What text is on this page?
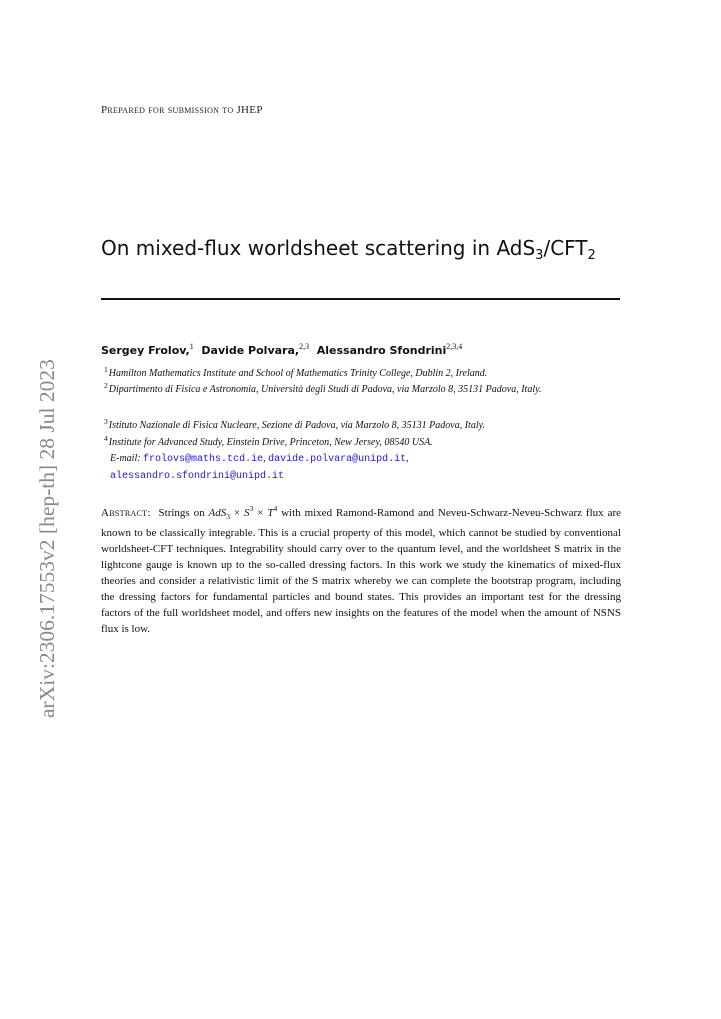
Prepared for submission to JHEP
arXiv:2306.17553v2 [hep-th] 28 Jul 2023
On mixed-flux worldsheet scattering in $AdS_3/CFT_2$
Sergey Frolov,$^1$ Davide Polvara,$^{2,3}$ Alessandro Sfondrini$^{2,3,4}$
$^1$Hamilton Mathematics Institute and School of Mathematics Trinity College, Dublin 2, Ireland.
$^2$Dipartimento di Fisica e Astronomia, Università degli Studi di Padova, via Marzolo 8, 35131 Padova, Italy.
$^3$Istituto Nazionale di Fisica Nucleare, Sezione di Padova, via Marzolo 8, 35131 Padova, Italy.
$^4$Institute for Advanced Study, Einstein Drive, Princeton, New Jersey, 08540 USA.
E-mail: frolovs@maths.tcd.ie, davide.polvara@unipd.it,
alessandro.sfondrini@unipd.it
Abstract: Strings on $AdS_3 \times S^3 \times T^4$ with mixed Ramond-Ramond and Neveu-Schwarz-Neveu-Schwarz flux are known to be classically integrable. This is a crucial property of this model, which cannot be studied by conventional worldsheet-CFT techniques. Integrability should carry over to the quantum level, and the worldsheet S matrix in the lightcone gauge is known up to the so-called dressing factors. In this work we study the kinematics of mixed-flux theories and consider a relativistic limit of the S matrix whereby we can complete the bootstrap program, including the dressing factors for fundamental particles and bound states. This provides an important test for the dressing factors of the full worldsheet model, and offers new insights on the features of the model when the amount of NSNS flux is low.
